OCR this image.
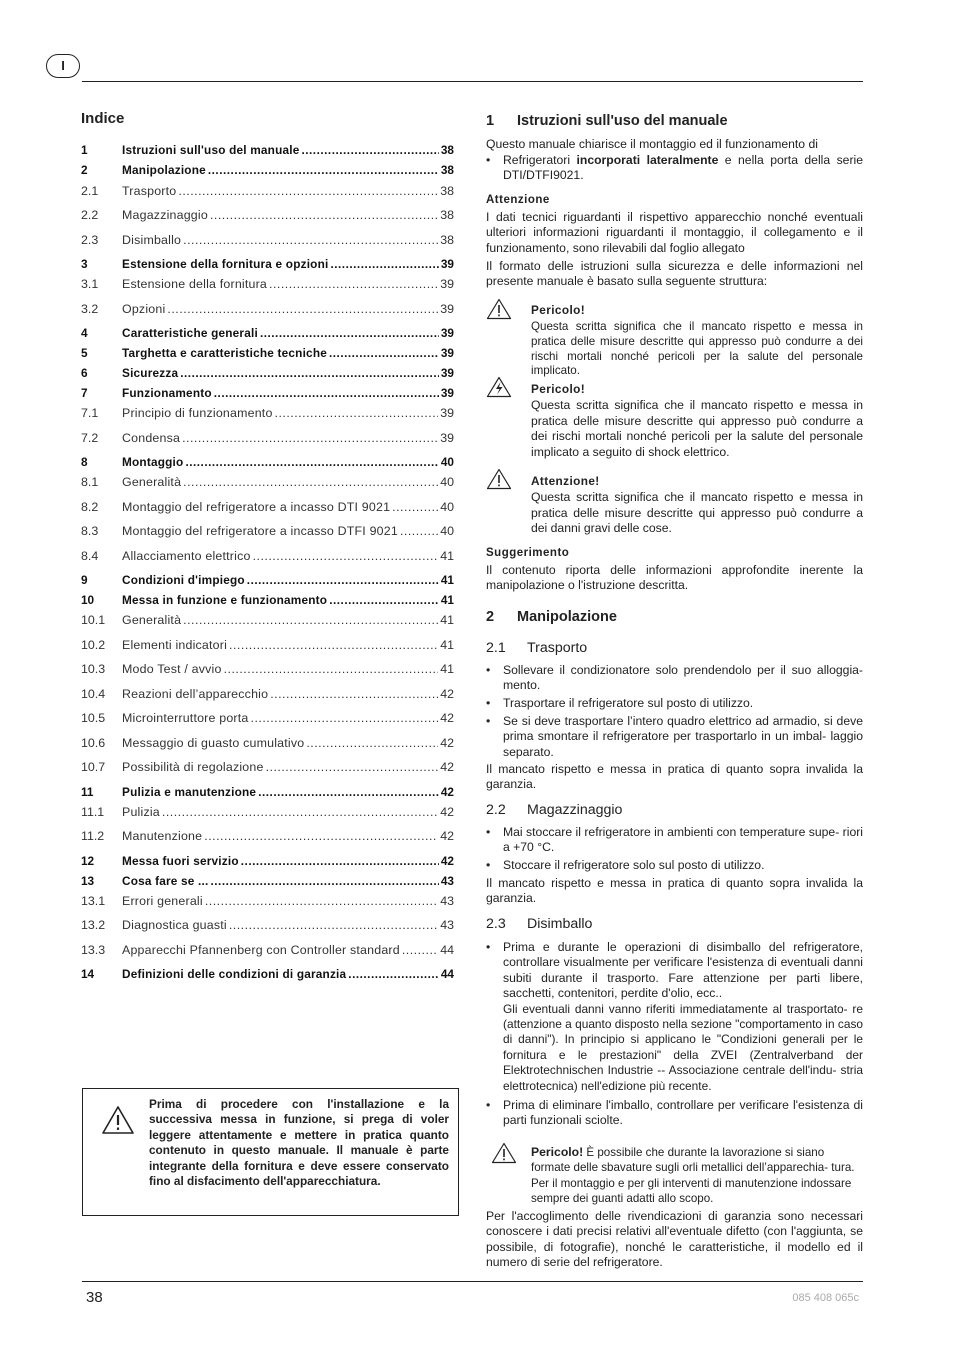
I
38	085 408 065c
Indice
1	Istruzioni sull'uso del manuale .....	38
2	Manipolazione .....	38
2.1	Trasporto .....	38
2.2	Magazzinaggio .....	38
2.3	Disimballo .....	38
3	Estensione della fornitura e opzioni .....	39
3.1	Estensione della fornitura .....	39
3.2	Opzioni .....	39
4	Caratteristiche generali .....	39
5	Targhetta e caratteristiche tecniche .....	39
6	Sicurezza .....	39
7	Funzionamento .....	39
7.1	Principio di funzionamento .....	39
7.2	Condensa .....	39
8	Montaggio .....	40
8.1	Generalità .....	40
8.2	Montaggio del refrigeratore a incasso DTI 9021 .....	40
8.3	Montaggio del refrigeratore a incasso DTFI 9021 .....	40
8.4	Allacciamento elettrico .....	41
9	Condizioni d'impiego .....	41
10	Messa in funzione e funzionamento .....	41
10.1	Generalità .....	41
10.2	Elementi indicatori .....	41
10.3	Modo Test / avvio .....	41
10.4	Reazioni dell’apparecchio .....	42
10.5	Microinterruttore porta .....	42
10.6	Messaggio di guasto cumulativo .....	42
10.7	Possibilità di regolazione .....	42
11	Pulizia e manutenzione .....	42
11.1	Pulizia .....	42
11.2	Manutenzione .....	42
12	Messa fuori servizio .....	42
13	Cosa fare se ... .....	43
13.1	Errori generali .....	43
13.2	Diagnostica guasti .....	43
13.3	Apparecchi Pfannenberg con Controller standard .....	44
14	Definizioni delle condizioni di garanzia .....	44
Prima di procedere con l'installazione e la successiva messa in funzione, si prega di voler leggere attentamente e mettere in pratica quanto contenuto in questo manuale. Il manuale è parte integrante della fornitura e deve essere conservato fino al disfacimento dell'apparecchiatura.
1 Istruzioni sull'uso del manuale
Questo manuale chiarisce il montaggio ed il funzionamento di
• Refrigeratori incorporati lateralmente e nella porta della serie DTI/DTFI9021.
Attenzione
I dati tecnici riguardanti il rispettivo apparecchio nonché eventuali ulteriori informazioni riguardanti il montaggio, il collegamento e il funzionamento, sono rilevabili dal foglio allegato
Il formato delle istruzioni sulla sicurezza e delle informazioni nel presente manuale è basato sulla seguente struttura:
Pericolo!
Questa scritta significa che il mancato rispetto e messa in pratica delle misure descritte qui appresso può condurre a dei rischi mortali nonché pericoli per la salute del personale implicato.
Pericolo!
Questa scritta significa che il mancato rispetto e messa in pratica delle misure descritte qui appresso può condurre a dei rischi mortali nonché pericoli per la salute del personale implicato a seguito di shock elettrico.
Attenzione!
Questa scritta significa che il mancato rispetto e messa in pratica delle misure descritte qui appresso può condurre a dei danni gravi delle cose.
Suggerimento
Il contenuto riporta delle informazioni approfondite inerente la manipolazione o l'istruzione descritta.
2 Manipolazione
2.1 Trasporto
• Sollevare il condizionatore solo prendendolo per il suo alloggia- mento.
• Trasportare il refrigeratore sul posto di utilizzo.
• Se si deve trasportare l’intero quadro elettrico ad armadio, si deve prima smontare il refrigeratore per trasportarlo in un imbal- laggio separato.
Il mancato rispetto e messa in pratica di quanto sopra invalida la garanzia.
2.2 Magazzinaggio
• Mai stoccare il refrigeratore in ambienti con temperature supe- riori a +70 °C.
• Stoccare il refrigeratore solo sul posto di utilizzo.
Il mancato rispetto e messa in pratica di quanto sopra invalida la garanzia.
2.3 Disimballo
• Prima e durante le operazioni di disimballo del refrigeratore, controllare visualmente per verificare l'esistenza di eventuali danni subiti durante il trasporto. Fare attenzione per parti libere, sacchetti, contenitori, perdite d'olio, ecc..
Gli eventuali danni vanno riferiti immediatamente al trasportato- re (attenzione a quanto disposto nella sezione "comportamento in caso di danni"). In principio si applicano le "Condizioni generali per le fornitura e le prestazioni" della ZVEI (Zentralverband der Elektrotechnischen Industrie -- Associazione centrale dell'indu- stria elettrotecnica) nell'edizione più recente.
• Prima di eliminare l'imballo, controllare per verificare l'esistenza di parti funzionali sciolte.
Pericolo! È possibile che durante la lavorazione si siano formate delle sbavature sugli orli metallici dell’apparechia- tura. Per il montaggio e per gli interventi di manutenzione indossare sempre dei guanti adatti allo scopo.
Per l'accoglimento delle rivendicazioni di garanzia sono necessari conoscere i dati precisi relativi all'eventuale difetto (con l'aggiunta, se possibile, di fotografie), nonché le caratteristiche, il modello ed il numero di serie del refrigeratore.
